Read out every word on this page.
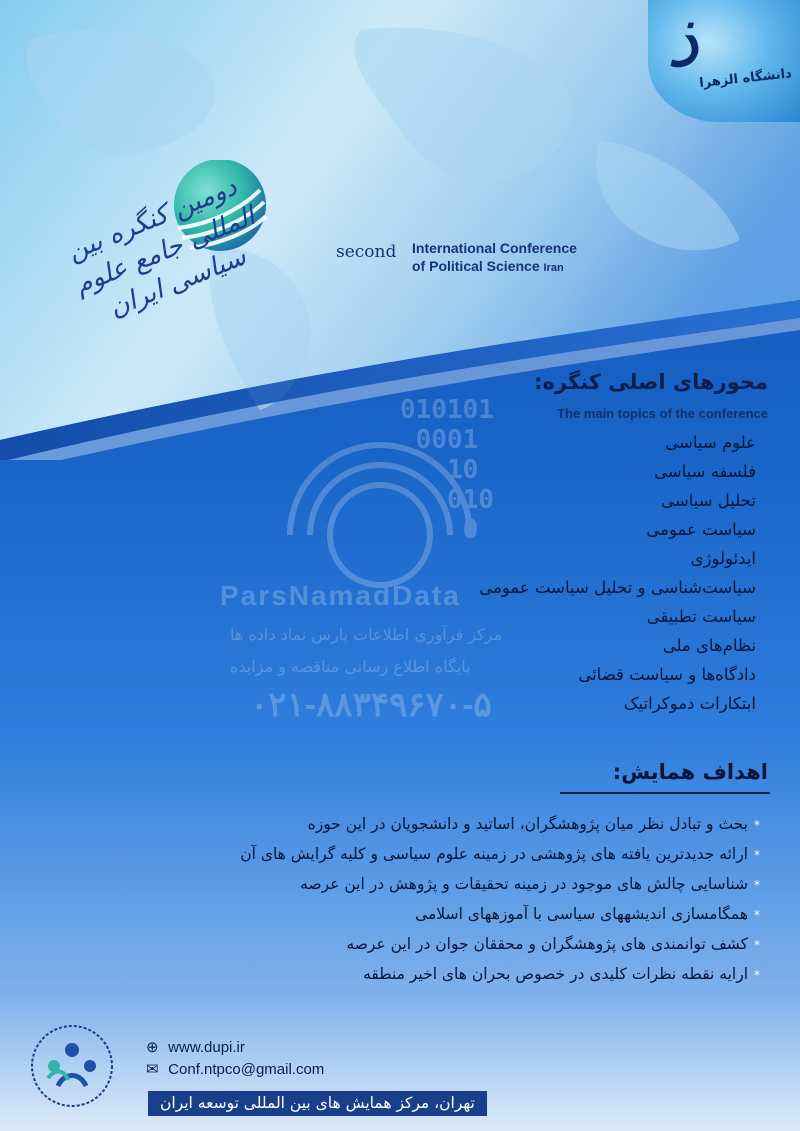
ذ دانشگاه الزهرا
دومین کنگره بین المللی جامع علوم سیاسی ایران	second International Conference
of Political Science Iran
010101
0001
10
010
0
ParsNamadData
مرکز فرآوری اطلاعات پارس نماد داده ها
پایگاه اطلاع رسانی مناقصه و مزایده
۰۲۱-۸۸۳۴۹۶۷۰-۵
محورهای اصلی کنگره:
The main topics of the conference
علوم سیاسی
فلسفه سیاسی
تحلیل سیاسی
سیاست عمومی
ایدئولوژی
سیاست‌شناسی و تحلیل سیاست عمومی
سیاست تطبیقی
نظام‌های ملی
دادگاه‌ها و سیاست قضائی
ابتکارات دموکراتیک
اهداف همایش:
*بحث و تبادل نظر میان پژوهشگران، اساتید و دانشجویان در این حوزه
*ارائه جدیدترین یافته های پژوهشی در زمینه علوم سیاسی و کلیه گرایش های آن
*شناسایی چالش های موجود در زمینه تحقیقات و پژوهش در این عرصه
*همگامسازی اندیشههای سیاسی با آموزههای اسلامی
*کشف توانمندی های پژوهشگران و محققان جوان در این عرصه
*ارایه نقطه نظرات کلیدی در خصوص بحران های اخیر منطقه
⊕ www.dupi.ir
✉ Conf.ntpco@gmail.com
تهران، مرکز همایش های بین المللی توسعه ایران
